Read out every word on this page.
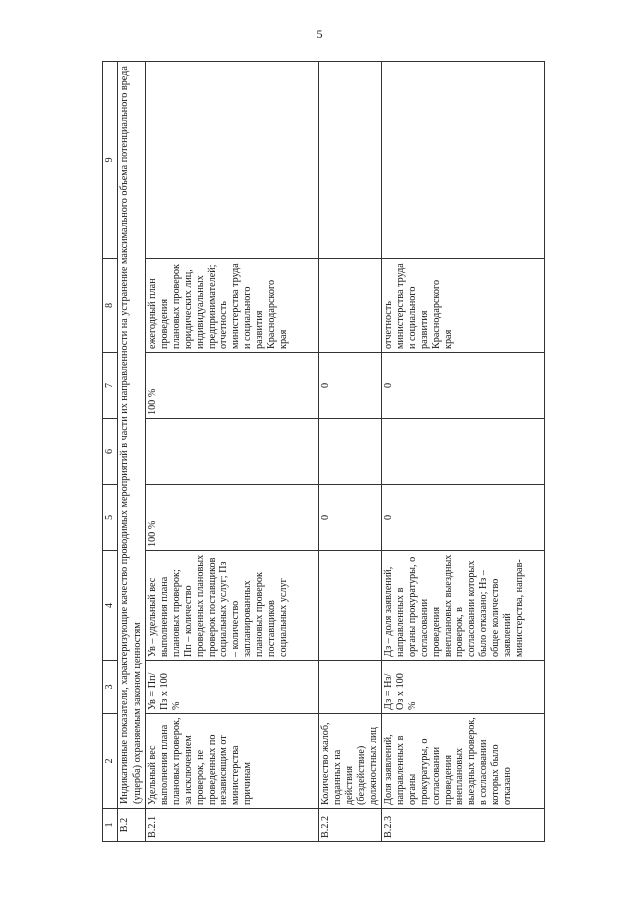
5
1	2	3	4	5	6	7	8	9
В.2	Индикативные показатели, характеризующие качество проводимых мероприятий в части их направленности на устранение максимального объема потенциального вреда (ущерба) охраняемым законом ценностям							
В.2.1	Удельный вес выполнения плана плановых проверок, за исключением проверок, не проведенных по независящим от министерства причинам	Ув = Пп/Пз x 100 %	Ув – удельный вес выполнения плана плановых проверок; Пп – количество проведенных плановых проверок поставщиков социальных услуг; Пз – количество запланированных плановых проверок поставщиков социальных услуг	100 %		100 %	ежегодный план проведения плановых проверок юридических лиц, индивидуальных предпринимателей; отчетность министерства труда и социального развития Краснодарского края	
В.2.2	Количество жалоб, поданных на действия (бездействие) должностных лиц			0		0		
В.2.3	Доля заявлений, направленных в органы прокуратуры, о согласовании проведения внеплановых выездных проверок, в согласовании которых было отказано	Дз = Нз/Оз x 100 %	Дз – доля заявлений, направленных в органы прокуратуры, о согласовании проведения внеплановых выездных проверок, в согласовании которых было отказано; Нз – общее количество заявлений министерства, направ-	0		0	отчетность министерства труда и социального развития Краснодарского края	
